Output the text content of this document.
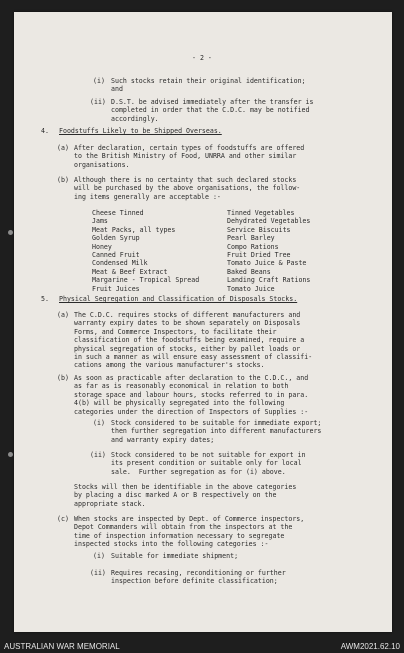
- 2 -
(i) Such stocks retain their original identification;
and
(ii) D.S.T. be advised immediately after the transfer is
completed in order that the C.D.C. may be notified
accordingly.
4. Foodstuffs Likely to be Shipped Overseas.
(a) After declaration, certain types of foodstuffs are offered
to the British Ministry of Food, UNRRA and other similar
organisations.
(b) Although there is no certainty that such declared stocks
will be purchased by the above organisations, the follow-
ing items generally are acceptable :-
Cheese Tinned
Jams
Meat Packs, all types
Golden Syrup
Honey
Canned Fruit
Condensed Milk
Meat & Beef Extract
Margarine - Tropical Spread
Fruit Juices
Tinned Vegetables
Dehydrated Vegetables
Service Biscuits
Pearl Barley
Compo Rations
Fruit Dried Tree
Tomato Juice & Paste
Baked Beans
Landing Craft Rations
Tomato Juice
5. Physical Segregation and Classification of Disposals Stocks.
(a) The C.D.C. requires stocks of different manufacturers and
warranty expiry dates to be shown separately on Disposals
Forms, and Commerce Inspectors, to facilitate their
classification of the foodstuffs being examined, require a
physical segregation of stocks, either by pallet loads or
in such a manner as will ensure easy assessment of classifi-
cations among the various manufacturer's stocks.
(b) As soon as practicable after declaration to the C.D.C., and
as far as is reasonably economical in relation to both
storage space and labour hours, stocks referred to in para.
4(b) will be physically segregated into the following
categories under the direction of Inspectors of Supplies :-
(i) Stock considered to be suitable for immediate export;
then further segregation into different manufacturers
and warranty expiry dates;
(ii) Stock considered to be not suitable for export in
its present condition or suitable only for local
sale.  Further segregation as for (i) above.
Stocks will then be identifiable in the above categories
by placing a disc marked A or B respectively on the
appropriate stack.
(c) When stocks are inspected by Dept. of Commerce inspectors,
Depot Commanders will obtain from the inspectors at the
time of inspection information necessary to segregate
inspected stocks into the following categories :-
(i) Suitable for immediate shipment;
(ii) Requires recasing, reconditioning or further
inspection before definite classification;
AUSTRALIAN WAR MEMORIAL	AWM2021.62.10
